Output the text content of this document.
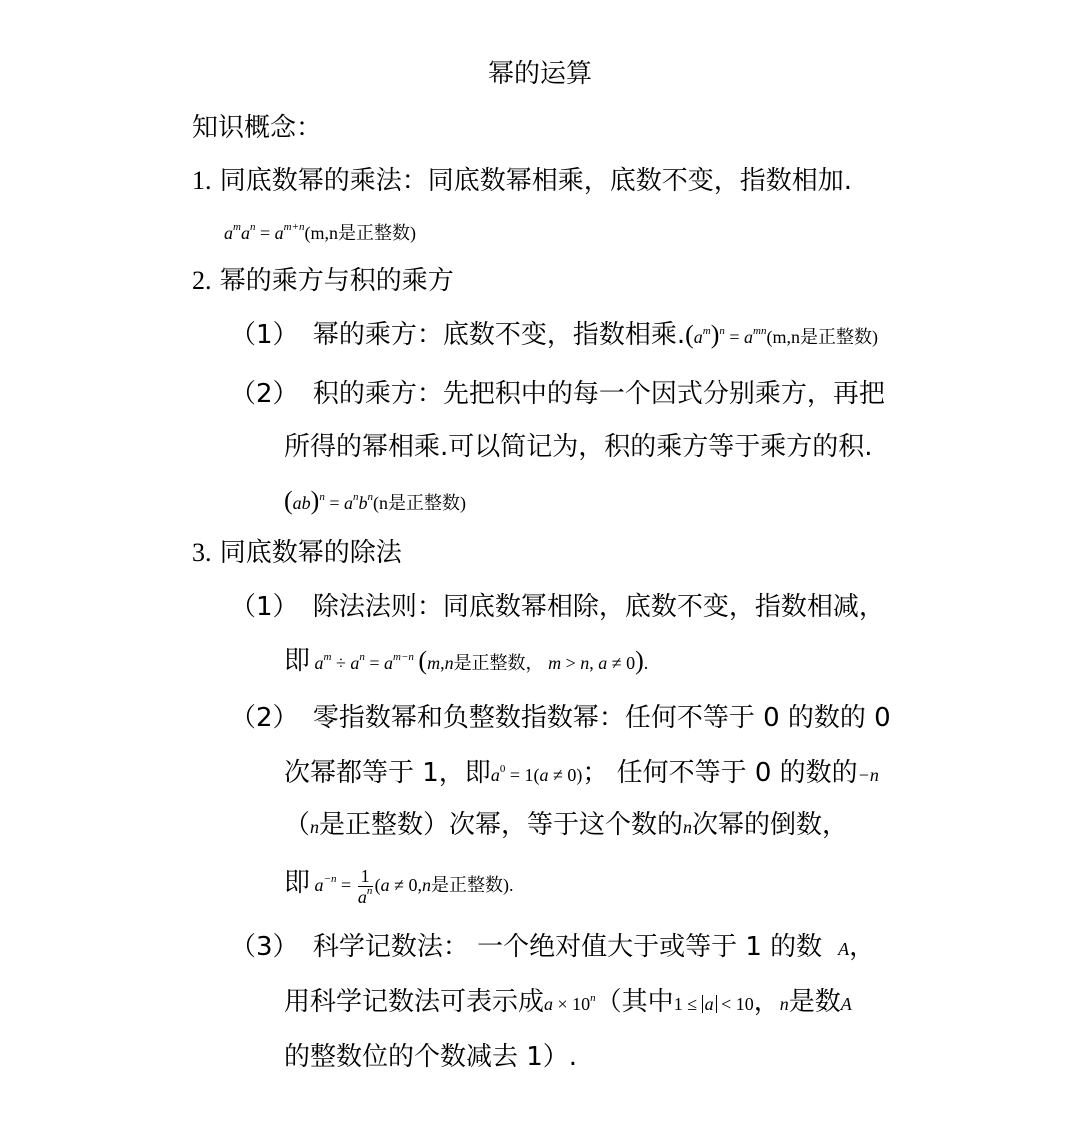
幂的运算
知识概念：
1. 同底数幂的乘法：同底数幂相乘，底数不变，指数相加.
$a^ma^n = a^{m+n}(m,n$是正整数)
2. 幂的乘方与积的乘方
（1） 幂的乘方：底数不变，指数相乘$.(a^m)^n = a^{mn}(m,n$是正整数)
（2） 积的乘方：先把积中的每一个因式分别乘方，再把
所得的幂相乘.可以简记为，积的乘方等于乘方的积.
$(ab)^n = a^nb^n(n$是正整数)
3. 同底数幂的除法
（1） 除法法则：同底数幂相除，底数不变，指数相减，
即 $a^m \div a^n = a^{m-n}$ (m,n是正整数， m > n, a ≠ 0).
（2） 零指数幂和负整数指数幂：任何不等于 0 的数的 0
次幂都等于 1，即$a^0 = 1(a \ne 0)$； 任何不等于 0 的数的−n
（n是正整数）次幂，等于这个数的n次幂的倒数，
即 $a^{-n} = \frac{1}{a^n} (a \ne 0,n$是正整数).
（3） 科学记数法： 一个绝对值大于或等于 1 的数 A，
用科学记数法可表示成$a \times 10^n$（其中1 ≤ a < 10，n是数A
的整数位的个数减去 1）.
